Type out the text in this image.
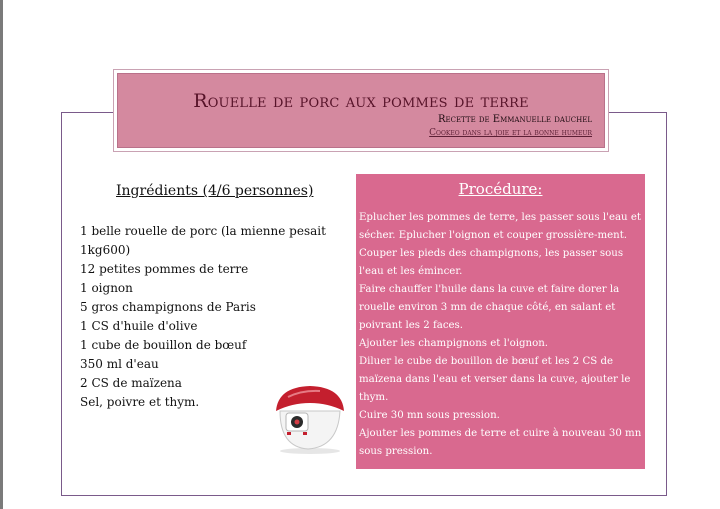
Rouelle de porc aux pommes de terre
Recette de Emmanuelle dauchel
Cookeo dans la joie et la bonne humeur
Ingrédients (4/6 personnes)
1 belle rouelle de porc (la mienne pesait 1kg600)
12 petites pommes de terre
1 oignon
5 gros champignons de Paris
1 CS d'huile d'olive
1 cube de bouillon de bœuf
350 ml d'eau
2 CS de maïzena
Sel, poivre et thym.
Procédure:
Eplucher les pommes de terre, les passer sous l'eau et sécher. Eplucher l'oignon et couper grossière-ment. Couper les pieds des champignons, les passer sous l'eau et les émincer.
Faire chauffer l'huile dans la cuve et faire dorer la rouelle environ 3 mn de chaque côté, en salant et poivrant les 2 faces.
Ajouter les champignons et l'oignon.
Diluer le cube de bouillon de bœuf et les 2 CS de maïzena dans l'eau et verser dans la cuve, ajouter le thym.
Cuire 30 mn sous pression.
Ajouter les pommes de terre et cuire à nouveau 30 mn sous pression.
